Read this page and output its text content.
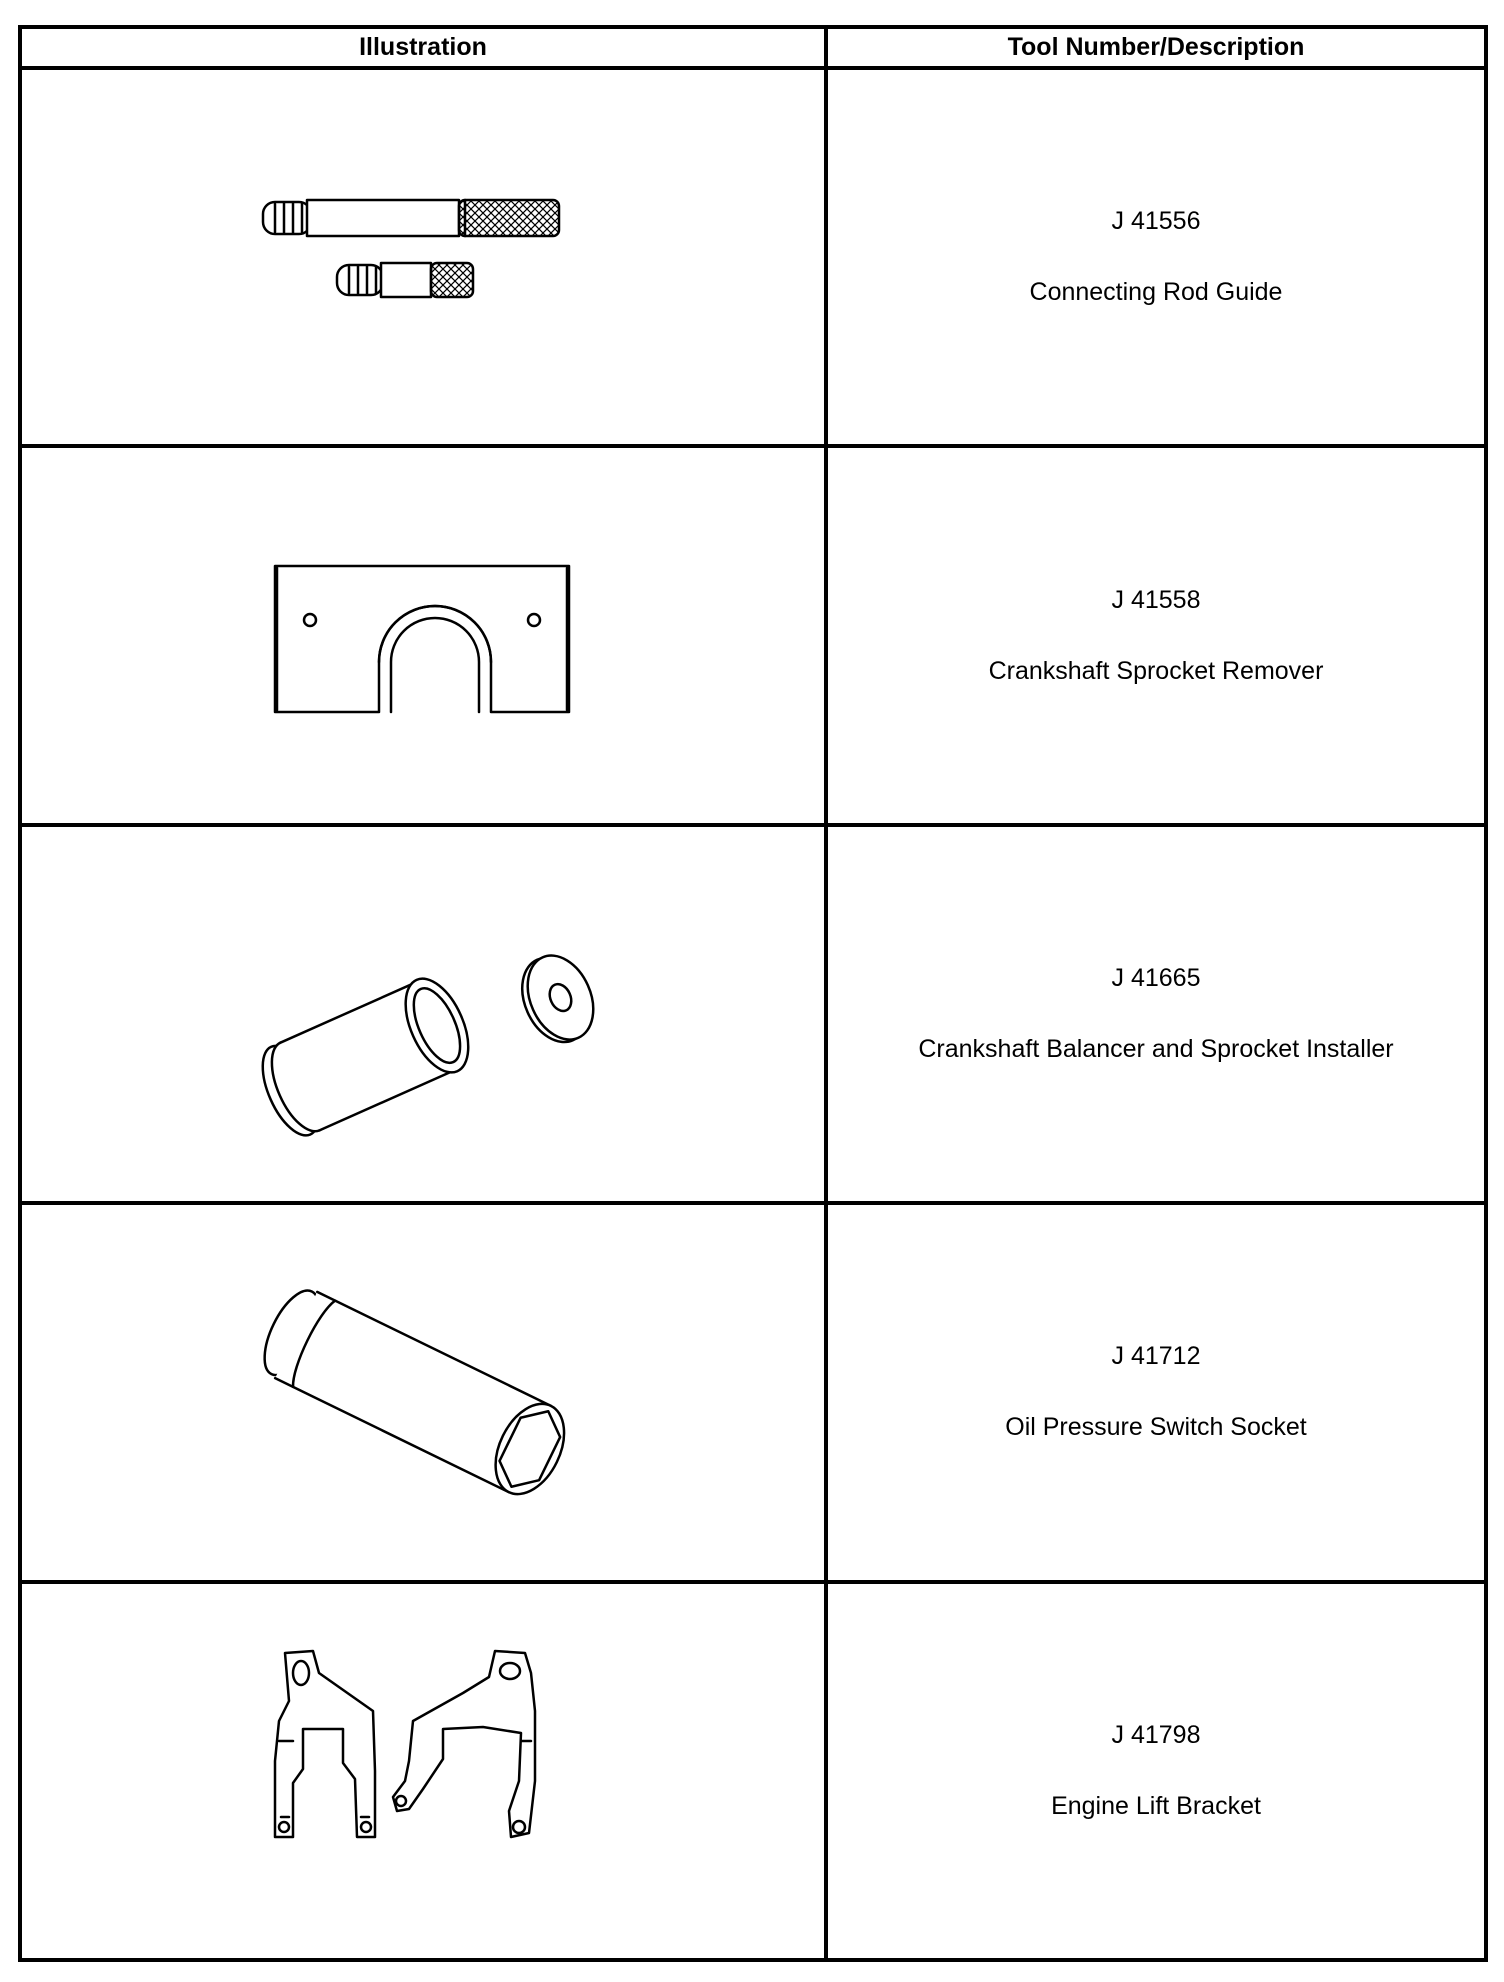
Illustration	Tool Number/Description

J 41556
Connecting Rod Guide

J 41558
Crankshaft Sprocket Remover

J 41665
Crankshaft Balancer and Sprocket Installer

J 41712
Oil Pressure Switch Socket

J 41798
Engine Lift Bracket
